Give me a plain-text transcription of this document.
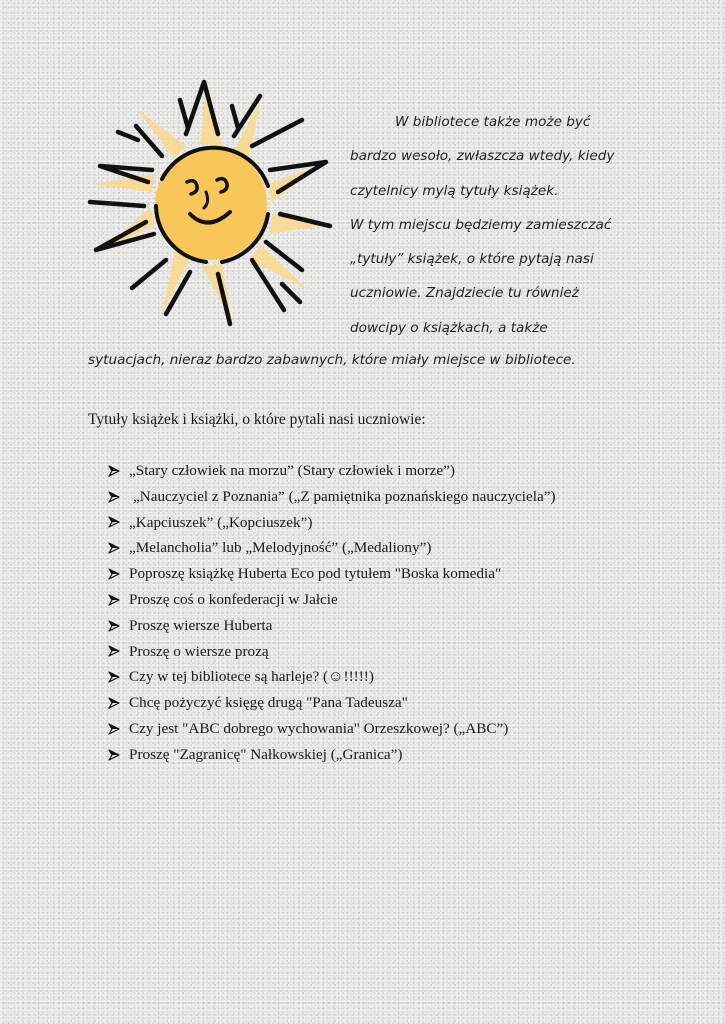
W bibliotece także może być

bardzo wesoło, zwłaszcza wtedy, kiedy

czytelnicy mylą tytuły książek.

W tym miejscu będziemy zamieszczać

„tytuły” książek, o które pytają nasi

uczniowie. Znajdziecie tu również

dowcipy o książkach, a także

sytuacjach, nieraz bardzo zabawnych, które miały miejsce w bibliotece.

Tytuły książek i książki, o które pytali nasi uczniowie:

„Stary człowiek na morzu” (Stary człowiek i morze”)
„Nauczyciel z Poznania” („Z pamiętnika poznańskiego nauczyciela”)
„Kapciuszek” („Kopciuszek”)
„Melancholia” lub „Melodyjność” („Medaliony”)
Poproszę książkę Huberta Eco pod tytułem "Boska komedia"
Proszę coś o konfederacji w Jałcie
Proszę wiersze Huberta
Proszę o wiersze prozą
Czy w tej bibliotece są harleje? (☺!!!!!)
Chcę pożyczyć księgę drugą "Pana Tadeusza"
Czy jest "ABC dobrego wychowania" Orzeszkowej? („ABC”)
Proszę "Zagranicę" Nałkowskiej („Granica”)
